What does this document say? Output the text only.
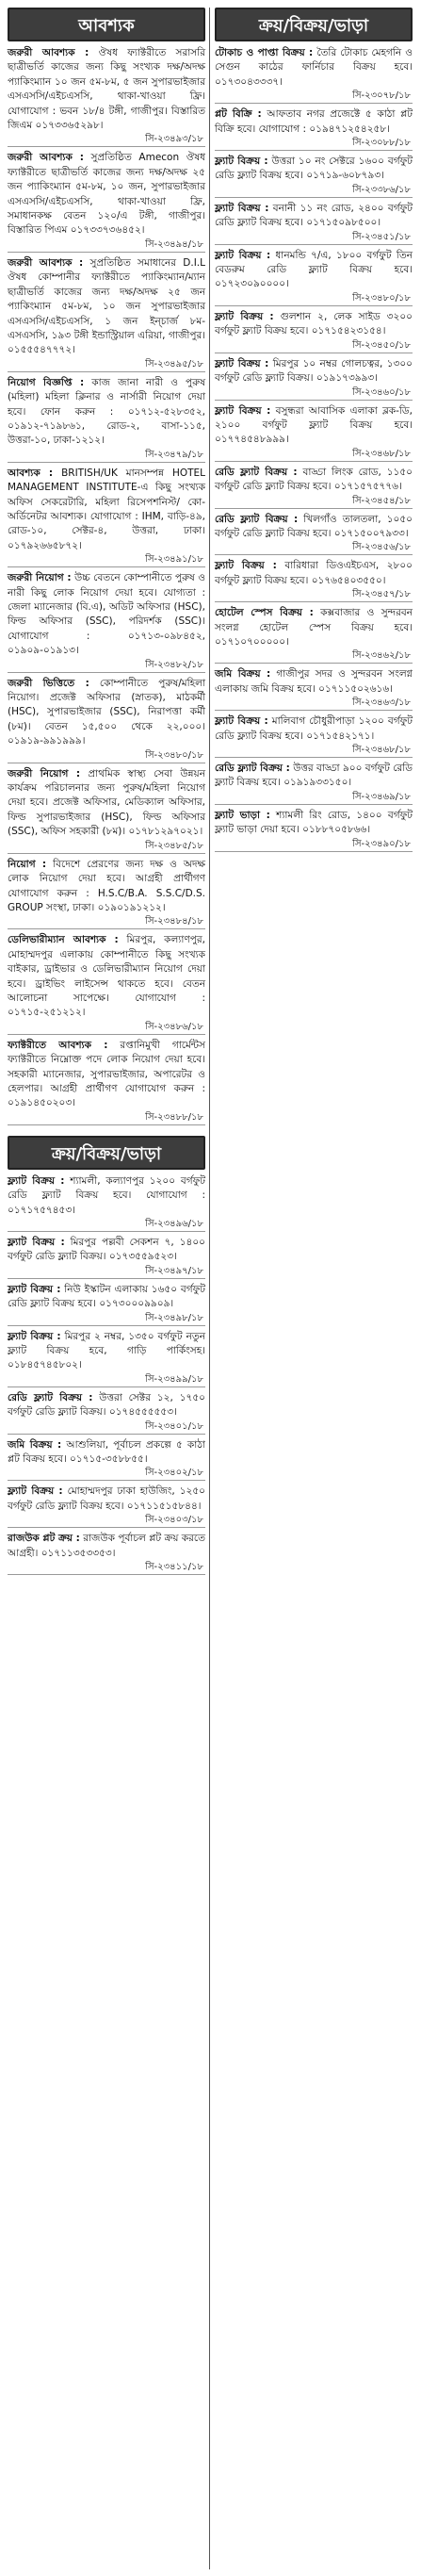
আবশ্যক

জরুরী আবশ্যক : ঔষধ ফ্যাক্টরীতে সরাসরি ছাত্রীভর্তি কাজের জন্য কিছু সংখ্যক দক্ষ/অদক্ষ প্যাকিংম্যান ১০ জন ৫ম-৮ম, ৫ জন সুপারভাইজার এসএসসি/এইচএসসি, থাকা-খাওয়া ফ্রি। যোগাযোগ : ভবন ১৮/৪ টঙ্গী, গাজীপুর। বিস্তারিত জিএম ০১৭৩৩৬৫২৯৮।

সি-২৩৪৯৩/১৮

জরুরী আবশ্যক : সুপ্রতিষ্ঠিত Amecon ঔষধ ফ্যাক্টরীতে ছাত্রীভর্তি কাজের জন্য দক্ষ/অদক্ষ ২৫ জন প্যাকিংম্যান ৫ম-৮ম, ১০ জন, সুপারভাইজার এসএসসি/এইচএসসি, থাকা-খাওয়া ফ্রি, সমাধানকক্ষ বেতন ১২০/এ টঙ্গী, গাজীপুর। বিস্তারিত পিএম ০১৭৩৩৭৩৬৪৫২।

সি-২৩৪৯৪/১৮

জরুরী আবশ্যক : সুপ্রতিষ্ঠিত সমাধানের D.I.L ঔষধ কোম্পানীর ফ্যাক্টরীতে প্যাকিংম্যান/ম্যান ছাত্রীভর্তি কাজের জন্য দক্ষ/অদক্ষ ২৫ জন প্যাকিংম্যান ৫ম-৮ম, ১০ জন সুপারভাইজার এসএসসি/এইচএসসি, ১ জন ইন্চার্জ ৮ম-এসএসসি, ১৯৩ টঙ্গী ইন্ডাস্ট্রিয়াল এরিয়া, গাজীপুর। ০১৫৫৫৪৭৭৭২।

সি-২৩৪৯৫/১৮

নিয়োগ বিজ্ঞপ্তি : কাজ জানা নারী ও পুরুষ (মহিলা) মহিলা ক্লিনার ও নার্সারী নিয়োগ দেয়া হবে। ফোন করুন : ০১৭১২-৫২৮৩৫২, ০১৯১২-৭১৯৮৬১, রোড-২, বাসা-১১৫, উত্তরা-১০, ঢাকা-১২১২।

সি-২৩৪৭৯/১৮

আবশ্যক : BRITISH/UK মানসম্পন্ন HOTEL MANAGEMENT INSTITUTE-এ কিছু সংখ্যক অফিস সেকরেটারি, মহিলা রিসেপশনিস্ট/ কো-অর্ডিনেটর আবশ্যক। যোগাযোগ : IHM, বাড়ি-৪৯, রোড-১০, সেক্টর-৪, উত্তরা, ঢাকা। ০১৭৯২৬৬৫৮৭২।

সি-২৩৪৯১/১৮

জরুরী নিয়োগ : উচ্চ বেতনে কোম্পানীতে পুরুষ ও নারী কিছু লোক নিয়োগ দেয়া হবে। যোগ্যতা : জেলা ম্যানেজার (বি.এ), অডিট অফিসার (HSC), ফিল্ড অফিসার (SSC), পরিদর্শক (SSC)। যোগাযোগ : ০১৭১৩-০৯৮৪৫২, ০১৯০৯-০১৯১৩।

সি-২৩৪৮২/১৮

জরুরী ভিত্তিতে : কোম্পানীতে পুরুষ/মহিলা নিয়োগ। প্রজেক্ট অফিসার (স্নাতক), মাঠকর্মী (HSC), সুপারভাইজার (SSC), নিরাপত্তা কর্মী (৮ম)। বেতন ১৫,৫০০ থেকে ২২,০০০। ০১৯১৯-৯৯১৯৯৯।

সি-২৩৪৮০/১৮

জরুরী নিয়োগ : প্রাথমিক স্বাস্থ্য সেবা উন্নয়ন কার্যক্রম পরিচালনার জন্য পুরুষ/মহিলা নিয়োগ দেয়া হবে। প্রজেক্ট অফিসার, মেডিক্যাল অফিসার, ফিল্ড সুপারভাইজার (HSC), ফিল্ড অফিসার (SSC), অফিস সহকারী (৮ম)। ০১৭৮১২৯৭০২১।

সি-২৩৪৮৫/১৮

নিয়োগ : বিদেশে প্রেরণের জন্য দক্ষ ও অদক্ষ লোক নিয়োগ দেয়া হবে। আগ্রহী প্রার্থীগণ যোগাযোগ করুন : H.S.C/B.A. S.S.C/D.S. GROUP সংস্থা, ঢাকা। ০১৯০১৯১২১২।

সি-২৩৪৮৪/১৮

ডেলিভারীম্যান আবশ্যক : মিরপুর, কল্যাণপুর, মোহাম্মদপুর এলাকায় কোম্পানীতে কিছু সংখ্যক বাইকার, ড্রাইভার ও ডেলিভারীম্যান নিয়োগ দেয়া হবে। ড্রাইভিং লাইসেন্স থাকতে হবে। বেতন আলোচনা সাপেক্ষে। যোগাযোগ : ০১৭১৫-২৫১২১২।

সি-২৩৪৮৬/১৮

ফ্যাক্টরীতে আবশ্যক : রপ্তানিমুখী গার্মেন্টস ফ্যাক্টরীতে নিম্নোক্ত পদে লোক নিয়োগ দেয়া হবে। সহকারী ম্যানেজার, সুপারভাইজার, অপারেটর ও হেলপার। আগ্রহী প্রার্থীগণ যোগাযোগ করুন : ০১৯১৪৫০২০৩।

সি-২৩৪৮৮/১৮
ক্রয়/বিক্রয়/ভাড়া

ফ্ল্যাট বিক্রয় : শ্যামলী, কল্যাণপুর ১২০০ বর্গফুট রেডি ফ্ল্যাট বিক্রয় হবে। যোগাযোগ : ০১৭১৭৫৭৪৫৩।

সি-২৩৪৯৬/১৮

ফ্ল্যাট বিক্রয় : মিরপুর পল্লবী সেকশন ৭, ১৪০০ বর্গফুট রেডি ফ্ল্যাট বিক্রয়। ০১৭৩৫৫৯৫২৩।

সি-২৩৪৯৭/১৮

ফ্ল্যাট বিক্রয় : নিউ ইস্কাটন এলাকায় ১৬৫০ বর্গফুট রেডি ফ্ল্যাট বিক্রয় হবে। ০১৭৩০০০৯৯০৯।

সি-২৩৪৯৮/১৮

ফ্ল্যাট বিক্রয় : মিরপুর ২ নম্বর, ১৩৫০ বর্গফুট নতুন ফ্ল্যাট বিক্রয় হবে, গাড়ি পার্কিংসহ। ০১৮৪৫৭৪৫৮০২।

সি-২৩৪৯৯/১৮

রেডি ফ্ল্যাট বিক্রয় : উত্তরা সেক্টর ১২, ১৭৫০ বর্গফুট রেডি ফ্ল্যাট বিক্রয়। ০১৭৪৫৫৫৫৫৩।

সি-২৩৪০১/১৮

জমি বিক্রয় : আশুলিয়া, পূর্বাচল প্রকল্পে ৫ কাঠা প্লট বিক্রয় হবে। ০১৭১৫-৩৫৮৮৫৫।

সি-২৩৪০২/১৮

ফ্ল্যাট বিক্রয় : মোহাম্মদপুর ঢাকা হাউজিং, ১২৫০ বর্গফুট রেডি ফ্ল্যাট বিক্রয় হবে। ০১৭১১৫১৫৮৪৪।

সি-২৩৪০৩/১৮

রাজউক প্লট ক্রয় : রাজউক পূর্বাচল প্লট ক্রয় করতে আগ্রহী। ০১৭১১৩৫৩৩৫৩।

সি-২৩৪১১/১৮
ক্রয়/বিক্রয়/ভাড়া

টোকাচ ও পাপ্তা বিক্রয় : তৈরি টোকাচ মেহগনি ও সেগুন কাঠের ফার্নিচার বিক্রয় হবে। ০১৭৩০৪৩৩৩৭।

সি-২৩০৭৮/১৮

প্লট বিক্রি : আফতাব নগর প্রজেক্টে ৫ কাঠা প্লট বিক্রি হবে। যোগাযোগ : ০১৯৪৭১২৫৪২৫৮।

সি-২৩০৮৮/১৮

ফ্ল্যাট বিক্রয় : উত্তরা ১০ নং সেক্টরে ১৬০০ বর্গফুট রেডি ফ্ল্যাট বিক্রয় হবে। ০১৭১৯-৬০৮৭৯৩।

সি-২৩৩৮৬/১৮

ফ্ল্যাট বিক্রয় : বনানী ১১ নং রোড, ২৪০০ বর্গফুট রেডি ফ্ল্যাট বিক্রয় হবে। ০১৭১৫০৯৮৫০০।

সি-২৩৪৫১/১৮

ফ্ল্যাট বিক্রয় : ধানমন্ডি ৭/এ, ১৮০০ বর্গফুট তিন বেডরুম রেডি ফ্ল্যাট বিক্রয় হবে। ০১৭২৩০৯০০০০।

সি-২৩৪৮০/১৮

ফ্ল্যাট বিক্রয় : গুলশান ২, লেক সাইড ৩২০০ বর্গফুট ফ্ল্যাট বিক্রয় হবে। ০১৭১৫৪২৩১৫৪।

সি-২৩৪৫০/১৮

ফ্ল্যাট বিক্রয় : মিরপুর ১০ নম্বর গোলচত্বর, ১৩০০ বর্গফুট রেডি ফ্ল্যাট বিক্রয়। ০১৯১৭৩৯৯৩।

সি-২৩৪৬০/১৮

ফ্ল্যাট বিক্রয় : বসুন্ধরা আবাসিক এলাকা ব্লক-ডি, ২১০০ বর্গফুট ফ্ল্যাট বিক্রয় হবে। ০১৭৭৪৫৪৮৯৯৯।

সি-২৩৪৬৮/১৮

রেডি ফ্ল্যাট বিক্রয় : বাড্ডা লিংক রোড, ১১৫০ বর্গফুট রেডি ফ্ল্যাট বিক্রয় হবে। ০১৭১৫৭৫৭৭৬।

সি-২৩৪৫৪/১৮

রেডি ফ্ল্যাট বিক্রয় : খিলগাঁও তালতলা, ১০৫০ বর্গফুট রেডি ফ্ল্যাট বিক্রয় হবে। ০১৭১৫০০৭৯৩৩।

সি-২৩৪৫৬/১৮

ফ্ল্যাট বিক্রয় : বারিধারা ডিওএইচএস, ২৮০০ বর্গফুট ফ্ল্যাট বিক্রয় হবে। ০১৭৬৫৪০৩৫৫০।

সি-২৩৪৫৭/১৮

হোটেল স্পেস বিক্রয় : কক্সবাজার ও সুন্দরবন সংলগ্ন হোটেল স্পেস বিক্রয় হবে। ০১৭১০৭০০০০০।

সি-২৩৪৬২/১৮

জমি বিক্রয় : গাজীপুর সদর ও সুন্দরবন সংলগ্ন এলাকায় জমি বিক্রয় হবে। ০১৭১১৫০২৬১৬।

সি-২৩৪৬৩/১৮

ফ্ল্যাট বিক্রয় : মালিবাগ চৌধুরীপাড়া ১২০০ বর্গফুট রেডি ফ্ল্যাট বিক্রয় হবে। ০১৭১৫৪২১৭১।

সি-২৩৪৬৮/১৮

রেডি ফ্ল্যাট বিক্রয় : উত্তর বাড্ডা ৯০০ বর্গফুট রেডি ফ্ল্যাট বিক্রয় হবে। ০১৯১৯৩৩১৫০।

সি-২৩৪৬৯/১৮

ফ্ল্যাট ভাড়া : শ্যামলী রিং রোড, ১৪০০ বর্গফুট ফ্ল্যাট ভাড়া দেয়া হবে। ০১৮৮৭০৫৮৬৬।

সি-২৩৪৯০/১৮
